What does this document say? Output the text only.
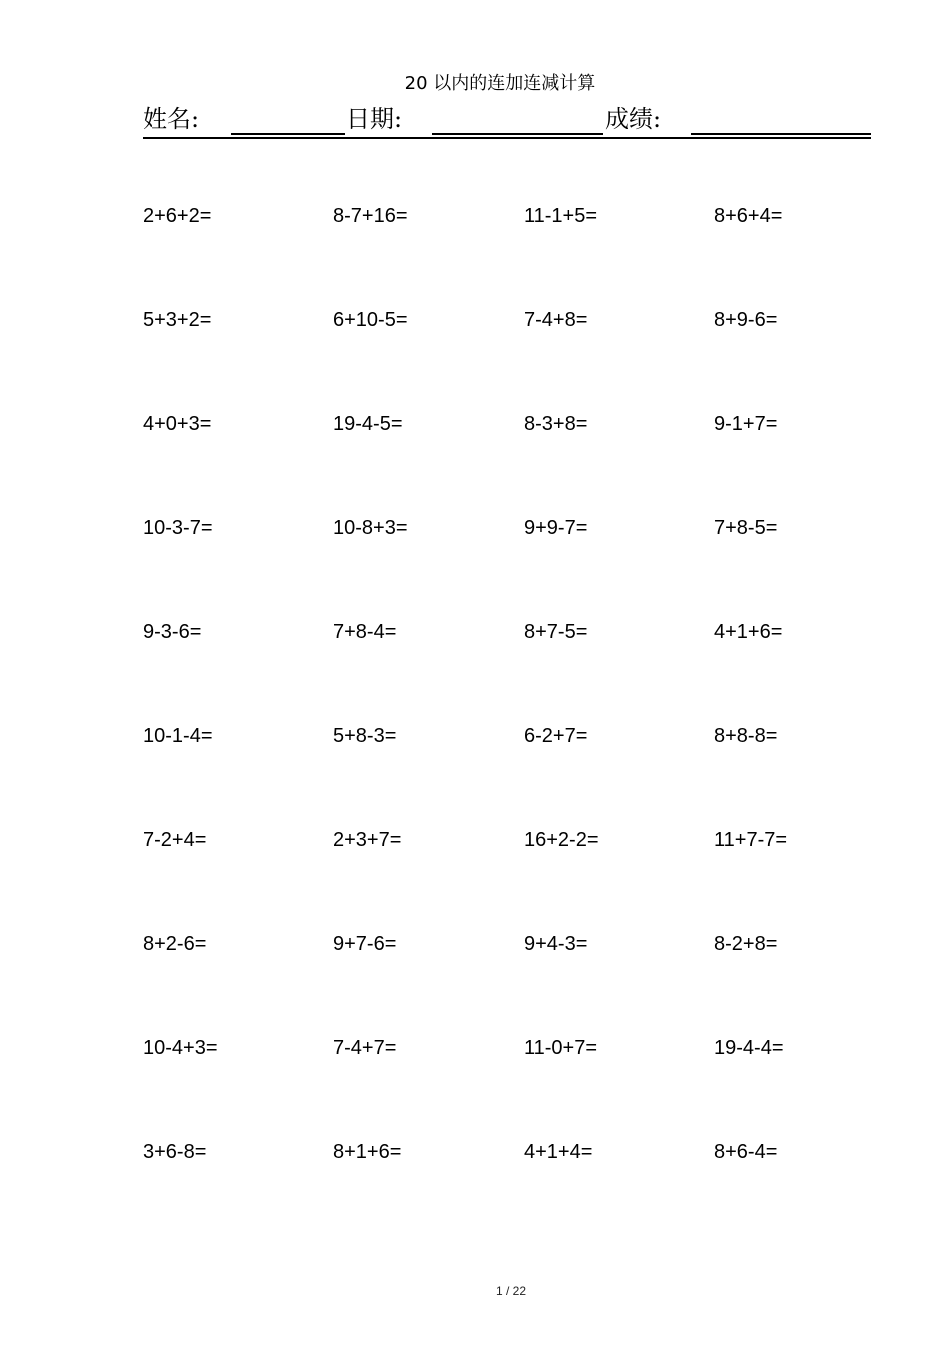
20 以内的连加连减计算
姓名:	日期:	成绩:
2+6+2=	8-7+16=	11-1+5=	8+6+4=
5+3+2=	6+10-5=	7-4+8=	8+9-6=
4+0+3=	19-4-5=	8-3+8=	9-1+7=
10-3-7=	10-8+3=	9+9-7=	7+8-5=
9-3-6=	7+8-4=	8+7-5=	4+1+6=
10-1-4=	5+8-3=	6-2+7=	8+8-8=
7-2+4=	2+3+7=	16+2-2=	11+7-7=
8+2-6=	9+7-6=	9+4-3=	8-2+8=
10-4+3=	7-4+7=	11-0+7=	19-4-4=
3+6-8=	8+1+6=	4+1+4=	8+6-4=
1 / 22
